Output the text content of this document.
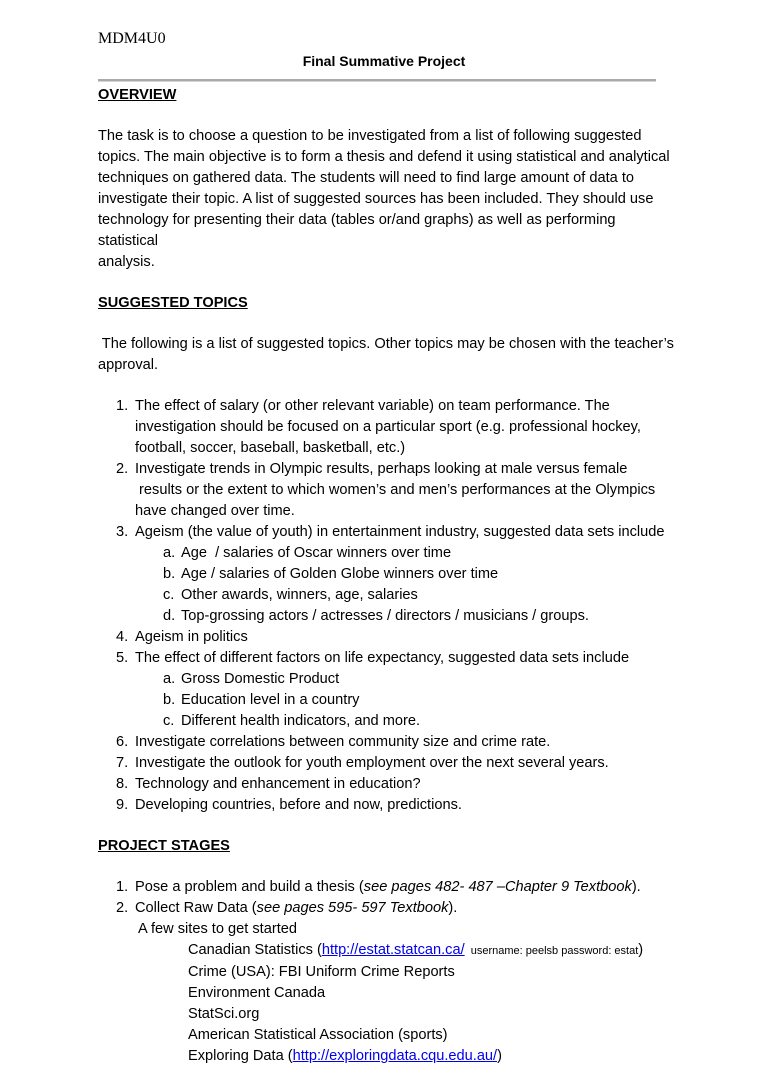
MDM4U0
Final Summative Project

OVERVIEW

The task is to choose a question to be investigated from a list of following suggested

topics. The main objective is to form a thesis and defend it using statistical and analytical

techniques on gathered data. The students will need to find large amount of data to

investigate their topic. A list of suggested sources has been included. They should use

technology for presenting their data (tables or/and graphs) as well as performing statistical

analysis.

SUGGESTED TOPICS

The following is a list of suggested topics. Other topics may be chosen with the teacher’s

approval.

1. The effect of salary (or other relevant variable) on team performance. The
investigation should be focused on a particular sport (e.g. professional hockey,
football, soccer, baseball, basketball, etc.)
2. Investigate trends in Olympic results, perhaps looking at male versus female
results or the extent to which women’s and men’s performances at the Olympics
have changed over time.
3. Ageism (the value of youth) in entertainment industry, suggested data sets include
a. Age  / salaries of Oscar winners over time
b. Age / salaries of Golden Globe winners over time
c. Other awards, winners, age, salaries
d. Top-grossing actors / actresses / directors / musicians / groups.
4. Ageism in politics
5. The effect of different factors on life expectancy, suggested data sets include
a. Gross Domestic Product
b. Education level in a country
c. Different health indicators, and more.
6. Investigate correlations between community size and crime rate.
7. Investigate the outlook for youth employment over the next several years.
8. Technology and enhancement in education?
9. Developing countries, before and now, predictions.

PROJECT STAGES

1. Pose a problem and build a thesis (see pages 482- 487 –Chapter 9 Textbook).
2. Collect Raw Data (see pages 595- 597 Textbook).

A few sites to get started

Canadian Statistics (http://estat.statcan.ca/  username: peelsb password: estat)

Crime (USA): FBI Uniform Crime Reports

Environment Canada

StatSci.org

American Statistical Association (sports)

Exploring Data (http://exploringdata.cqu.edu.au/)
